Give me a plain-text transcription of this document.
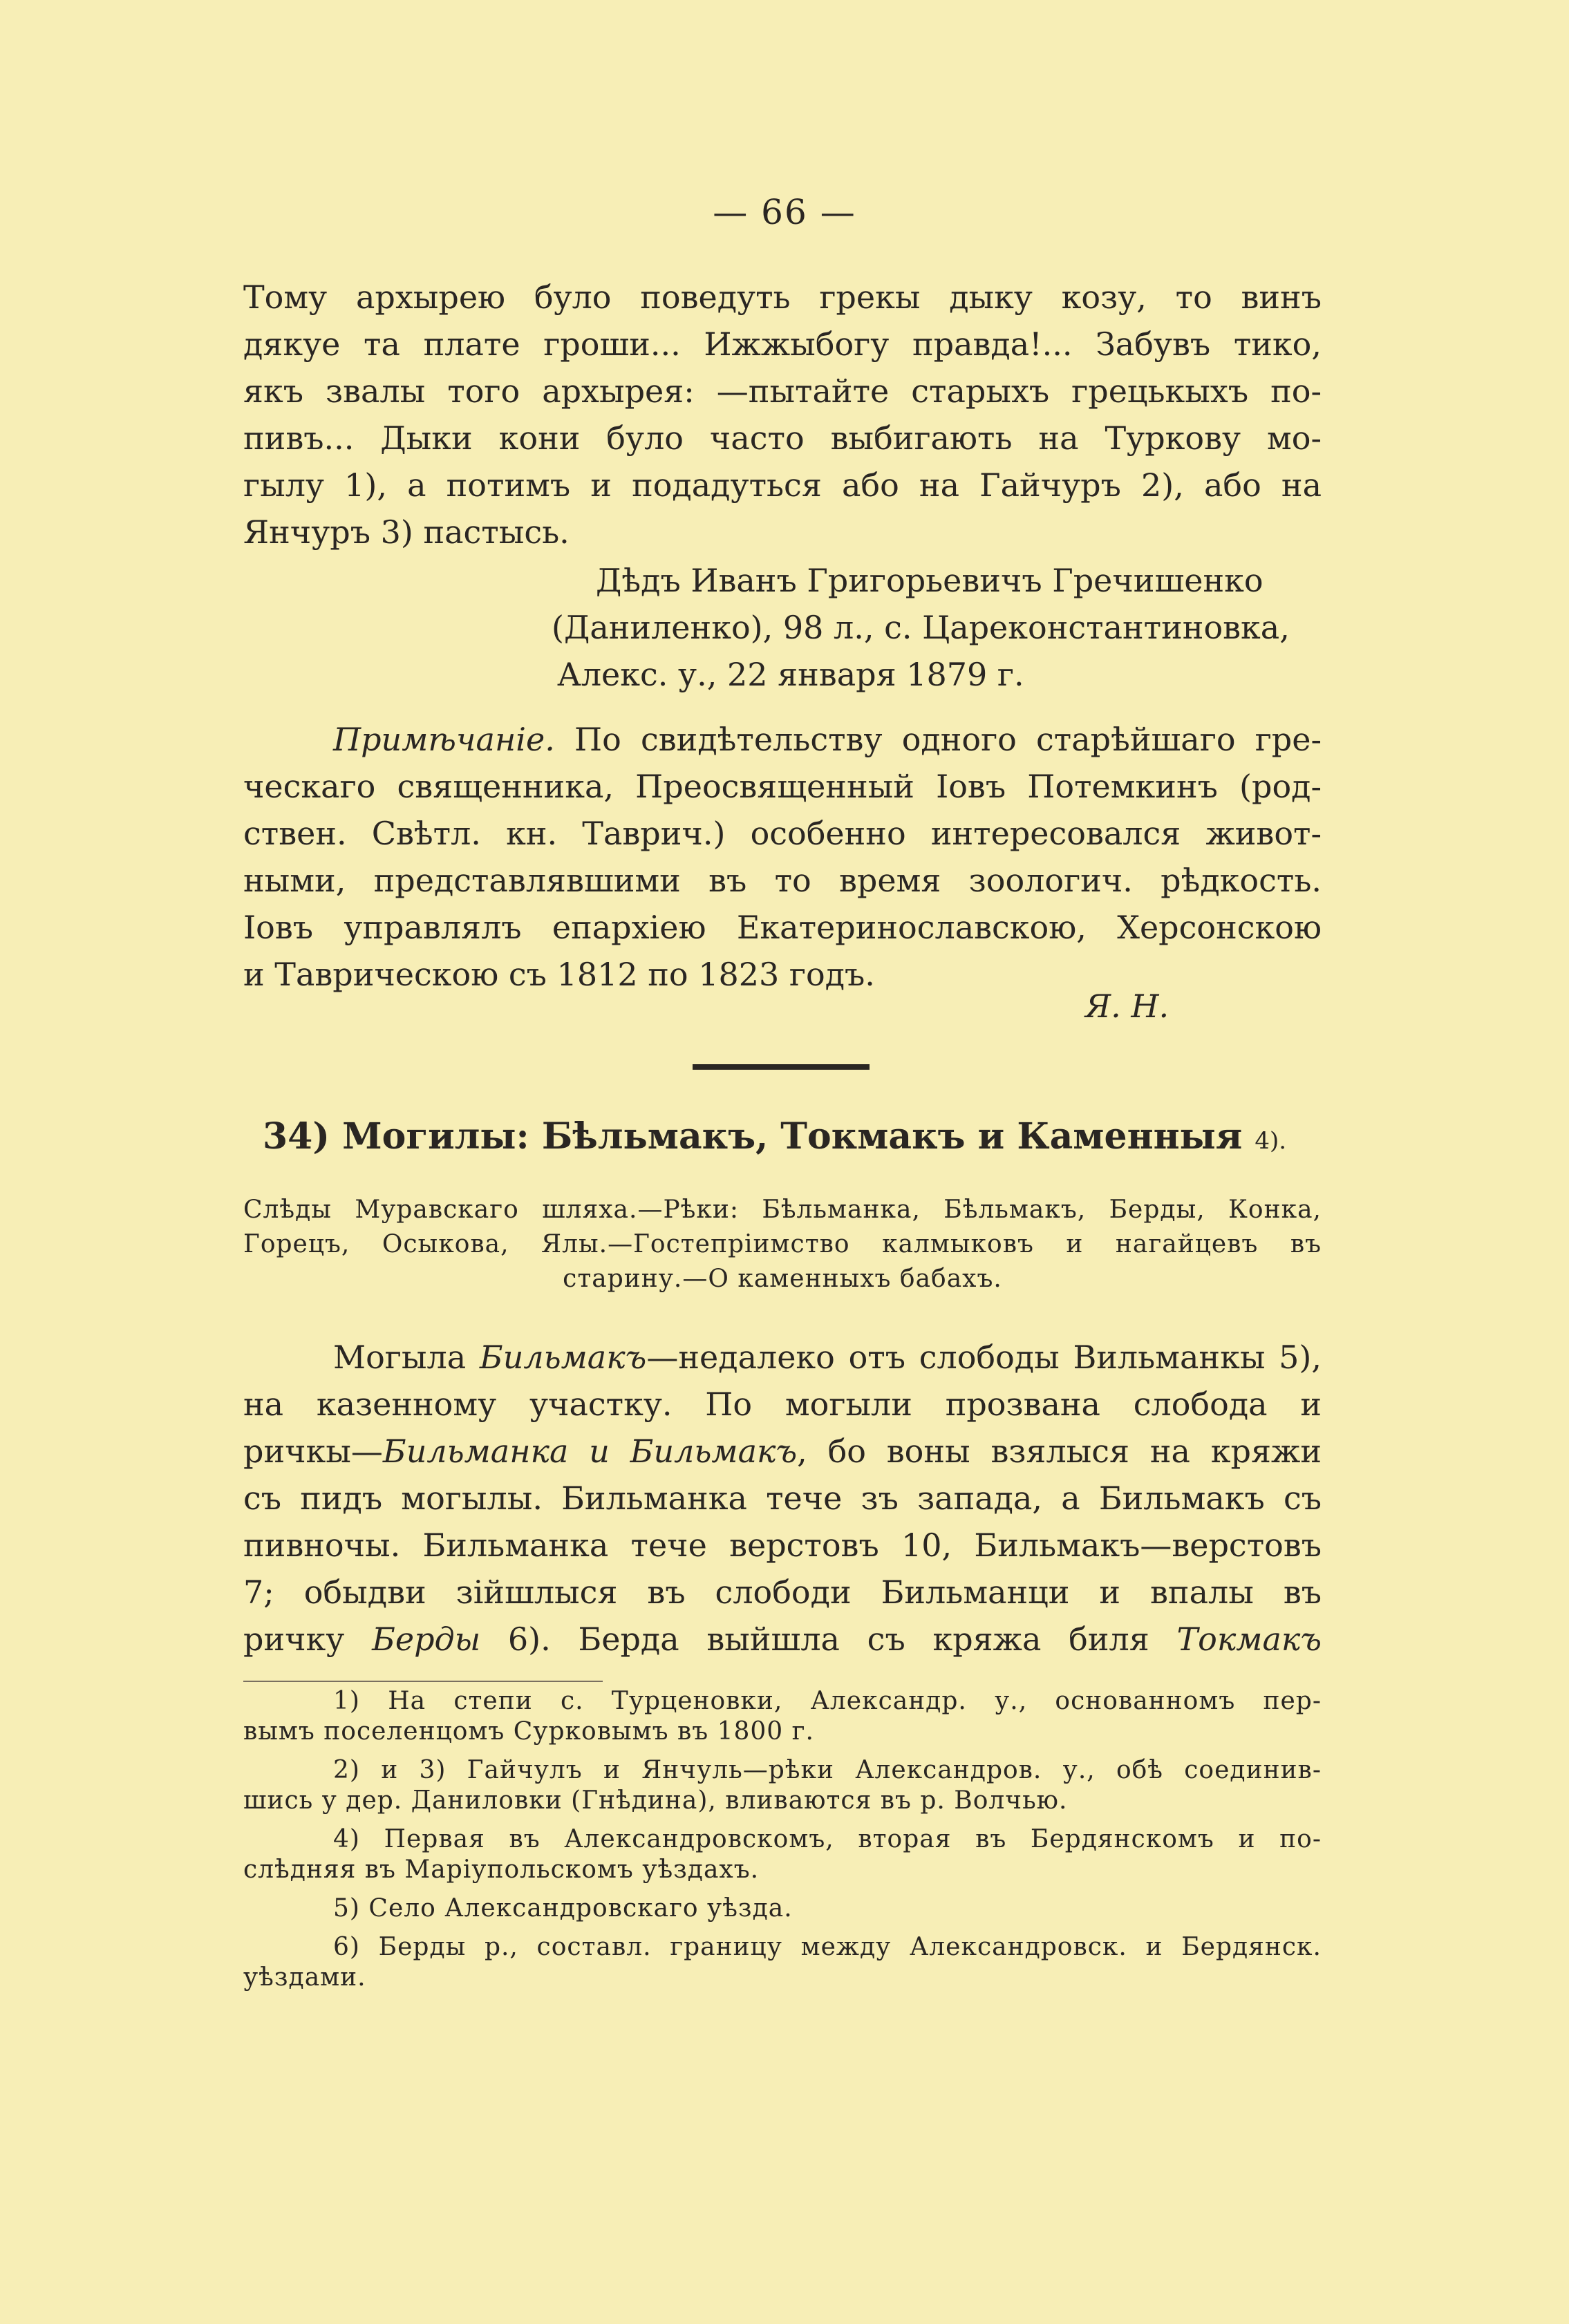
— 66 —
Тому архырею було поведуть грекы дыку козу, то винъ
дякуе та плате гроши... Ижжыбогу правда!... Забувъ тико,
якъ звалы того архырея: —пытайте старыхъ грецькыхъ по-
пивъ... Дыки кони було часто выбигають на Туркову мо-
гылу 1), а потимъ и подадуться або на Гайчуръ 2), або на
Янчуръ 3) пастысь.
Дѣдъ Иванъ Григорьевичъ Гречишенко
(Даниленко), 98 л., с. Цареконстантиновка,
Алекс. у., 22 января 1879 г.
Примѣчаніе. По свидѣтельству одного старѣйшаго гре-
ческаго священника, Преосвященный Іовъ Потемкинъ (род-
ствен. Свѣтл. кн. Таврич.) особенно интересовался живот-
ными, представлявшими въ то время зоологич. рѣдкость.
Іовъ управлялъ епархіею Екатеринославскою, Херсонскою
и Таврическою съ 1812 по 1823 годъ.
Я. Н.
34) Могилы: Бѣльмакъ, Токмакъ и Каменныя 4).
Слѣды Муравскаго шляха.—Рѣки: Бѣльманка, Бѣльмакъ, Берды, Конка,
Горецъ, Осыкова, Ялы.—Гостепріимство калмыковъ и нагайцевъ въ
старину.—О каменныхъ бабахъ.
Могыла Бильмакъ—недалеко отъ слободы Вильманкы 5),
на казенному участку. По могыли прозвана слобода и
ричкы—Бильманка и Бильмакъ, бо воны взялыся на кряжи
съ пидъ могылы. Бильманка тече зъ запада, а Бильмакъ съ
пивночы. Бильманка тече верстовъ 10, Бильмакъ—верстовъ
7; обыдви зійшлыся въ слободи Бильманци и впалы въ
ричку Берды 6). Берда выйшла съ кряжа биля Токмакъ
1) На степи с. Турценовки, Александр. у., основанномъ пер-
вымъ поселенцомъ Сурковымъ въ 1800 г.
2) и 3) Гайчулъ и Янчуль—рѣки Александров. у., обѣ соединив-
шись у дер. Даниловки (Гнѣдина), вливаются въ р. Волчью.
4) Первая въ Александровскомъ, вторая въ Бердянскомъ и по-
слѣдняя въ Маріупольскомъ уѣздахъ.
5) Село Александровскаго уѣзда.
6) Берды р., составл. границу между Александровск. и Бердянск.
уѣздами.
